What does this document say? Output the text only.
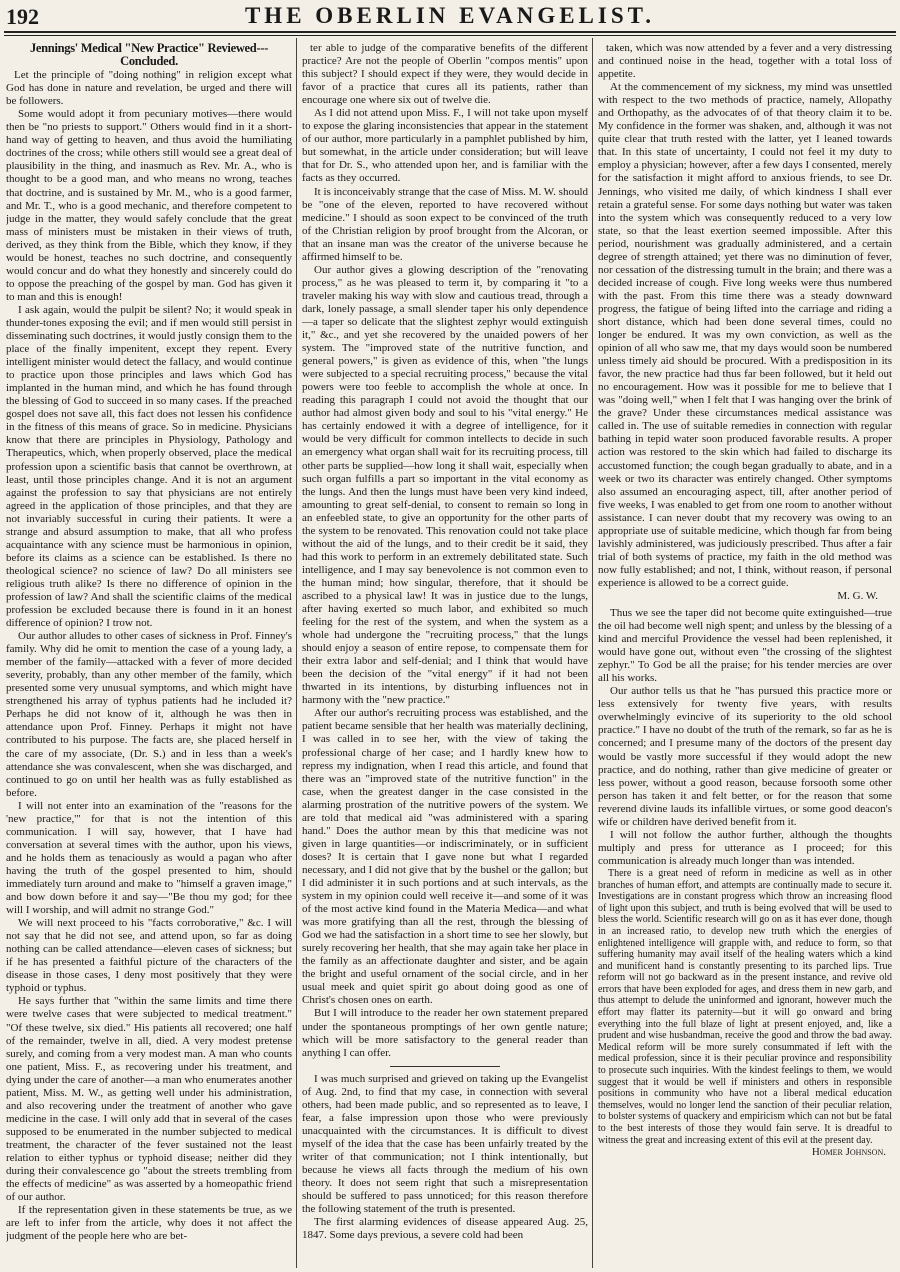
192	THE OBERLIN EVANGELIST.
Jennings' Medical "New Practice" Reviewed---Concluded.

Let the principle of "doing nothing" in religion except what God has done in nature and revelation, be urged and there will be followers.

Some would adopt it from pecuniary motives—there would then be "no priests to support." Others would find in it a short-hand way of getting to heaven, and thus avoid the humiliating doctrines of the cross; while others still would see a great deal of plausibility in the thing, and inasmuch as Rev. Mr. A., who is thought to be a good man, and who means no wrong, teaches that doctrine, and is sustained by Mr. M., who is a good farmer, and Mr. T., who is a good mechanic, and therefore competent to judge in the matter, they would safely conclude that the great mass of ministers must be mistaken in their views of truth, derived, as they think from the Bible, which they know, if they would be honest, teaches no such doctrine, and consequently would concur and do what they honestly and sincerely could do to oppose the preaching of the gospel by man. God has given it to man and this is enough!

I ask again, would the pulpit be silent? No; it would speak in thunder-tones exposing the evil; and if men would still persist in disseminating such doctrines, it would justly consign them to the place of the finally impenitent, except they repent. Every intelligent minister would detect the fallacy, and would continue to practice upon those principles and laws which God has implanted in the human mind, and which he has found through the blessing of God to succeed in so many cases. If the preached gospel does not save all, this fact does not lessen his confidence in the fitness of this means of grace. So in medicine. Physicians know that there are principles in Physiology, Pathology and Therapeutics, which, when properly observed, place the medical profession upon a scientific basis that cannot be overthrown, at least, until those principles change. And it is not an argument against the profession to say that physicians are not entirely agreed in the application of those principles, and that they are not invariably successful in curing their patients. It were a strange and absurd assumption to make, that all who profess acquaintance with any science must be harmonious in opinion, before its claims as a science can be established. Is there no theological science? no science of law? Do all ministers see religious truth alike? Is there no difference of opinion in the profession of law? And shall the scientific claims of the medical profession be excluded because there is found in it an honest difference of opinion? I trow not.

Our author alludes to other cases of sickness in Prof. Finney's family. Why did he omit to mention the case of a young lady, a member of the family—attacked with a fever of more decided severity, probably, than any other member of the family, which presented some very unusual symptoms, and which might have strengthened his array of typhus patients had he included it? Perhaps he did not know of it, although he was then in attendance upon Prof. Finney. Perhaps it might not have contributed to his purpose. The facts are, she placed herself in the care of my associate, (Dr. S.) and in less than a week's attendance she was convalescent, when she was discharged, and continued to go on until her health was as fully established as before.

I will not enter into an examination of the "reasons for the 'new practice,'" for that is not the intention of this communication. I will say, however, that I have had conversation at several times with the author, upon his views, and he holds them as tenaciously as would a pagan who after having the truth of the gospel presented to him, should immediately turn around and make to "himself a graven image," and bow down before it and say—"Be thou my god; for thee will I worship, and will admit no strange God."

We will next proceed to his "facts corroborative," &c. I will not say that he did not see, and attend upon, so far as doing nothing can be called attendance—eleven cases of sickness; but if he has presented a faithful picture of the characters of the disease in those cases, I deny most positively that they were typhoid or typhus.

He says further that "within the same limits and time there were twelve cases that were subjected to medical treatment." "Of these twelve, six died." His patients all recovered; one half of the remainder, twelve in all, died. A very modest pretense surely, and coming from a very modest man. A man who counts one patient, Miss. F., as recovering under his treatment, and dying under the care of another—a man who enumerates another patient, Miss. M. W., as getting well under his administration, and also recovering under the treatment of another who gave medicine in the case. I will only add that in several of the cases supposed to be enumerated in the number subjected to medical treatment, the character of the fever sustained not the least relation to either typhus or typhoid disease; neither did they during their convalescence go "about the streets trembling from the effects of medicine" as was asserted by a homeopathic friend of our author.

If the representation given in these statements be true, as we are left to infer from the article, why does it not affect the judgment of the people here who are bet-

ter able to judge of the comparative benefits of the different practice? Are not the people of Oberlin "compos mentis" upon this subject? I should expect if they were, they would decide in favor of a practice that cures all its patients, rather than encourage one where six out of twelve die.

As I did not attend upon Miss. F., I will not take upon myself to expose the glaring inconsistencies that appear in the statement of our author, more particularly in a pamphlet published by him, but somewhat, in the article under consideration; but will leave that for Dr. S., who attended upon her, and is familiar with the facts as they occurred.

It is inconceivably strange that the case of Miss. M. W. should be "one of the eleven, reported to have recovered without medicine." I should as soon expect to be convinced of the truth of the Christian religion by proof brought from the Alcoran, or that an insane man was the creator of the universe because he affirmed himself to be.

Our author gives a glowing description of the "renovating process," as he was pleased to term it, by comparing it "to a traveler making his way with slow and cautious tread, through a dark, lonely passage, a small slender taper his only dependence—a taper so delicate that the slightest zephyr would extinguish it," &c., and yet she recovered by the unaided powers of her system. The "improved state of the nutritive function, and general powers," is given as evidence of this, when "the lungs were subjected to a special recruiting process," because the vital powers were too feeble to accomplish the whole at once. In reading this paragraph I could not avoid the thought that our author had almost given body and soul to his "vital energy." He has certainly endowed it with a degree of intelligence, for it would be very difficult for common intellects to decide in such an emergency what organ shall wait for its recruiting process, till other parts be supplied—how long it shall wait, especially when such organ fulfills a part so important in the vital economy as the lungs. And then the lungs must have been very kind indeed, amounting to great self-denial, to consent to remain so long in an enfeebled state, to give an opportunity for the other parts of the system to be renovated. This renovation could not take place without the aid of the lungs, and to their credit be it said, they had this work to perform in an extremely debilitated state. Such intelligence, and I may say benevolence is not common even to the human mind; how singular, therefore, that it should be ascribed to a physical law! It was in justice due to the lungs, after having exerted so much labor, and exhibited so much feeling for the rest of the system, and when the system as a whole had undergone the "recruiting process," that the lungs should enjoy a season of entire repose, to compensate them for their extra labor and self-denial; and I think that would have been the decision of the "vital energy" if it had not been thwarted in its intentions, by disturbing influences not in harmony with the "new practice."

After our author's recruiting process was established, and the patient became sensible that her health was materially declining, I was called in to see her, with the view of taking the professional charge of her case; and I hardly knew how to repress my indignation, when I read this article, and found that there was an "improved state of the nutritive function" in the case, when the greatest danger in the case consisted in the alarming prostration of the nutritive powers of the system. We are told that medical aid "was administered with a sparing hand." Does the author mean by this that medicine was not given in large quantities—or indiscriminately, or in sufficient doses? It is certain that I gave none but what I regarded necessary, and I did not give that by the bushel or the gallon; but I did administer it in such portions and at such intervals, as the system in my opinion could well receive it—and some of it was of the most active kind found in the Materia Medica—and what was more gratifying than all the rest, through the blessing of God we had the satisfaction in a short time to see her slowly, but surely recovering her health, that she may again take her place in the family as an affectionate daughter and sister, and be again the bright and useful ornament of the social circle, and in her usual meek and quiet spirit go about doing good as one of Christ's chosen ones on earth.

But I will introduce to the reader her own statement prepared under the spontaneous promptings of her own gentle nature; which will be more satisfactory to the general reader than anything I can offer.

I was much surprised and grieved on taking up the Evangelist of Aug. 2nd, to find that my case, in connection with several others, had been made public, and so represented as to leave, I fear, a false impression upon those who were previously unacquainted with the circumstances. It is difficult to divest myself of the idea that the case has been unfairly treated by the writer of that communication; not I think intentionally, but because he views all facts through the medium of his own theory. It does not seem right that such a misrepresentation should be suffered to pass unnoticed; for this reason therefore the following statement of the truth is presented.

The first alarming evidences of disease appeared Aug. 25, 1847. Some days previous, a severe cold had been

taken, which was now attended by a fever and a very distressing and continued noise in the head, together with a total loss of appetite.

At the commencement of my sickness, my mind was unsettled with respect to the two methods of practice, namely, Allopathy and Orthopathy, as the advocates of of that theory claim it to be. My confidence in the former was shaken, and, although it was not quite clear that truth rested with the latter, yet I leaned towards that. In this state of uncertainty, I could not feel it my duty to employ a physician; however, after a few days I consented, merely for the satisfaction it might afford to anxious friends, to see Dr. Jennings, who visited me daily, of which kindness I shall ever retain a grateful sense. For some days nothing but water was taken into the system which was consequently reduced to a very low state, so that the least exertion seemed impossible. After this period, nourishment was gradually administered, and a certain degree of strength attained; yet there was no diminution of fever, nor cessation of the distressing tumult in the brain; and there was a decided increase of cough. Five long weeks were thus numbered with the past. From this time there was a steady downward progress, the fatigue of being lifted into the carriage and riding a short distance, which had been done several times, could no longer be endured. It was my own conviction, as well as the opinion of all who saw me, that my days would soon be numbered unless timely aid should be procured. With a predisposition in its favor, the new practice had thus far been followed, but it held out no encouragement. How was it possible for me to believe that I was "doing well," when I felt that I was hanging over the brink of the grave? Under these circumstances medical assistance was called in. The use of suitable remedies in connection with regular bathing in tepid water soon produced favorable results. A proper action was restored to the skin which had failed to discharge its accustomed function; the cough began gradually to abate, and in a week or two its character was entirely changed. Other symptoms also assumed an encouraging aspect, till, after another period of five weeks, I was enabled to get from one room to another without assistance. I can never doubt that my recovery was owing to an appropriate use of suitable medicine, which though far from being lavishly administered, was judiciously prescribed. Thus after a fair trial of both systems of practice, my faith in the old method was now fully established; and not, I think, without reason, if personal experience is allowed to be a correct guide.

M. G. W.

Thus we see the taper did not become quite extinguished—true the oil had become well nigh spent; and unless by the blessing of a kind and merciful Providence the vessel had been replenished, it would have gone out, without even "the crossing of the slightest zephyr." To God be all the praise; for his tender mercies are over all his works.

Our author tells us that he "has pursued this practice more or less extensively for twenty five years, with results overwhelmingly evincive of its superiority to the old school practice." I have no doubt of the truth of the remark, so far as he is concerned; and I presume many of the doctors of the present day would be vastly more successful if they would adopt the new practice, and do nothing, rather than give medicine of greater or less power, without a good reason, because forsooth some other person has taken it and felt better, or for the reason that some reverend divine lauds its infallible virtues, or some good deacon's wife or children have derived benefit from it.

I will not follow the author further, although the thoughts multiply and press for utterance as I proceed; for this communication is already much longer than was intended.

There is a great need of reform in medicine as well as in other branches of human effort, and attempts are continually made to secure it. Investigations are in constant progress which throw an increasing flood of light upon this subject, and truth is being evolved that will be used to bless the world. Scientific research will go on as it has ever done, though in an increased ratio, to develop new truth which the energies of enlightened intelligence will grapple with, and reduce to form, so that suffering humanity may avail itself of the healing waters which a kind and munificent hand is constantly presenting to its parched lips. True reform will not go backward as in the present instance, and revive old errors that have been exploded for ages, and dress them in new garb, and thus attempt to delude the uninformed and ignorant, however much the effort may flatter its paternity—but it will go onward and bring everything into the full blaze of light at present enjoyed, and, like a prudent and wise husbandman, receive the good and throw the bad away. Medical reform will be more surely consummated if left with the medical profession, since it is their peculiar province and responsibility to prosecute such inquiries. With the kindest feelings to them, we would suggest that it would be well if ministers and others in responsible positions in community who have not a liberal medical education themselves, would no longer lend the sanction of their peculiar relation, to bolster systems of quackery and empiricism which can not but be fatal to the best interests of those they would fain serve. It is dreadful to witness the great and increasing extent of this evil at the present day.

Homer Johnson.
